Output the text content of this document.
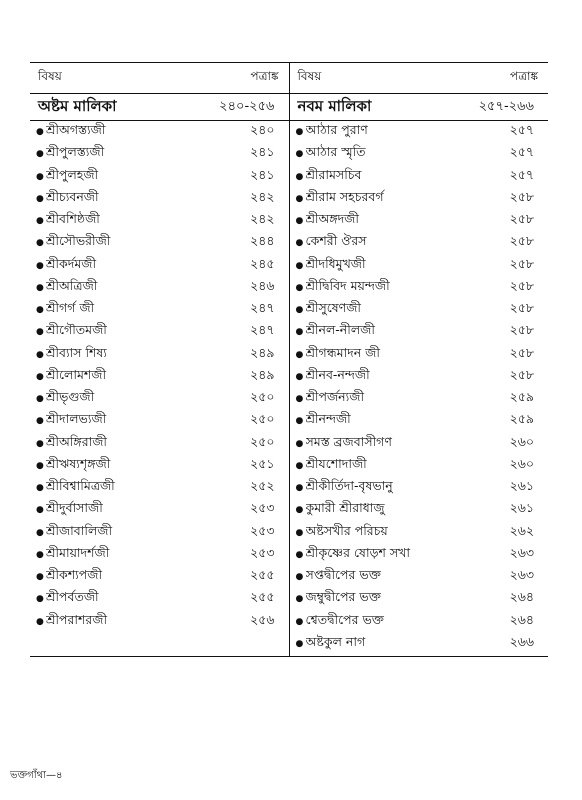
বিষয়	পত্রাঙ্ক
অষ্টম মালিকা	২৪০-২৫৬
● শ্রীঅগস্ত্যজী	২৪০
● শ্রীপুলস্ত্যজী	২৪১
● শ্রীপুলহজী	২৪১
● শ্রীচ্যবনজী	২৪২
● শ্রীবশিষ্ঠজী	২৪২
● শ্রীসৌভরীজী	২৪৪
● শ্রীকর্দমজী	২৪৫
● শ্রীঅত্রিজী	২৪৬
● শ্রীগর্গ জী	২৪৭
● শ্রীগৌতমজী	২৪৭
● শ্রীব্যাস শিষ্য	২৪৯
● শ্রীলোমশজী	২৪৯
● শ্রীভৃগুজী	২৫০
● শ্রীদালভ্যজী	২৫০
● শ্রীঅঙ্গিরাজী	২৫০
● শ্রীঋষ্যশৃঙ্গজী	২৫১
● শ্রীবিশ্বামিত্রজী	২৫২
● শ্রীদুর্বাসাজী	২৫৩
● শ্রীজাবালিজী	২৫৩
● শ্রীমায়াদর্শজী	২৫৩
● শ্রীকশ্যপজী	২৫৫
● শ্রীপর্বতজী	২৫৫
● শ্রীপরাশরজী	২৫৬
বিষয়	পত্রাঙ্ক
নবম মালিকা	২৫৭-২৬৬
● আঠার পুরাণ	২৫৭
● আঠার স্মৃতি	২৫৭
● শ্রীরামসচিব	২৫৭
● শ্রীরাম সহচরবর্গ	২৫৮
● শ্রীঅঙ্গদজী	২৫৮
● কেশরী ঔরস	২৫৮
● শ্রীদধিমুখজী	২৫৮
● শ্রীদ্বিবিদ ময়ন্দজী	২৫৮
● শ্রীসুষেণজী	২৫৮
● শ্রীনল-নীলজী	২৫৮
● শ্রীগন্ধমাদন জী	২৫৮
● শ্রীনব-নন্দজী	২৫৮
● শ্রীপর্জন্যজী	২৫৯
● শ্রীনন্দজী	২৫৯
● সমস্ত ব্রজবাসীগণ	২৬০
● শ্রীযশোদাজী	২৬০
● শ্রীকীর্তিদা-বৃষভানু	২৬১
● কুমারী শ্রীরাধাজু	২৬১
● অষ্টসখীর পরিচয়	২৬২
● শ্রীকৃষ্ণের ষোড়শ সখা	২৬৩
● সপ্তদ্বীপের ভক্ত	২৬৩
● জম্বুদ্বীপের ভক্ত	২৬৪
● শ্বেতদ্বীপের ভক্ত	২৬৪
● অষ্টকুল নাগ	২৬৬
ভক্তগাঁথা—৪
